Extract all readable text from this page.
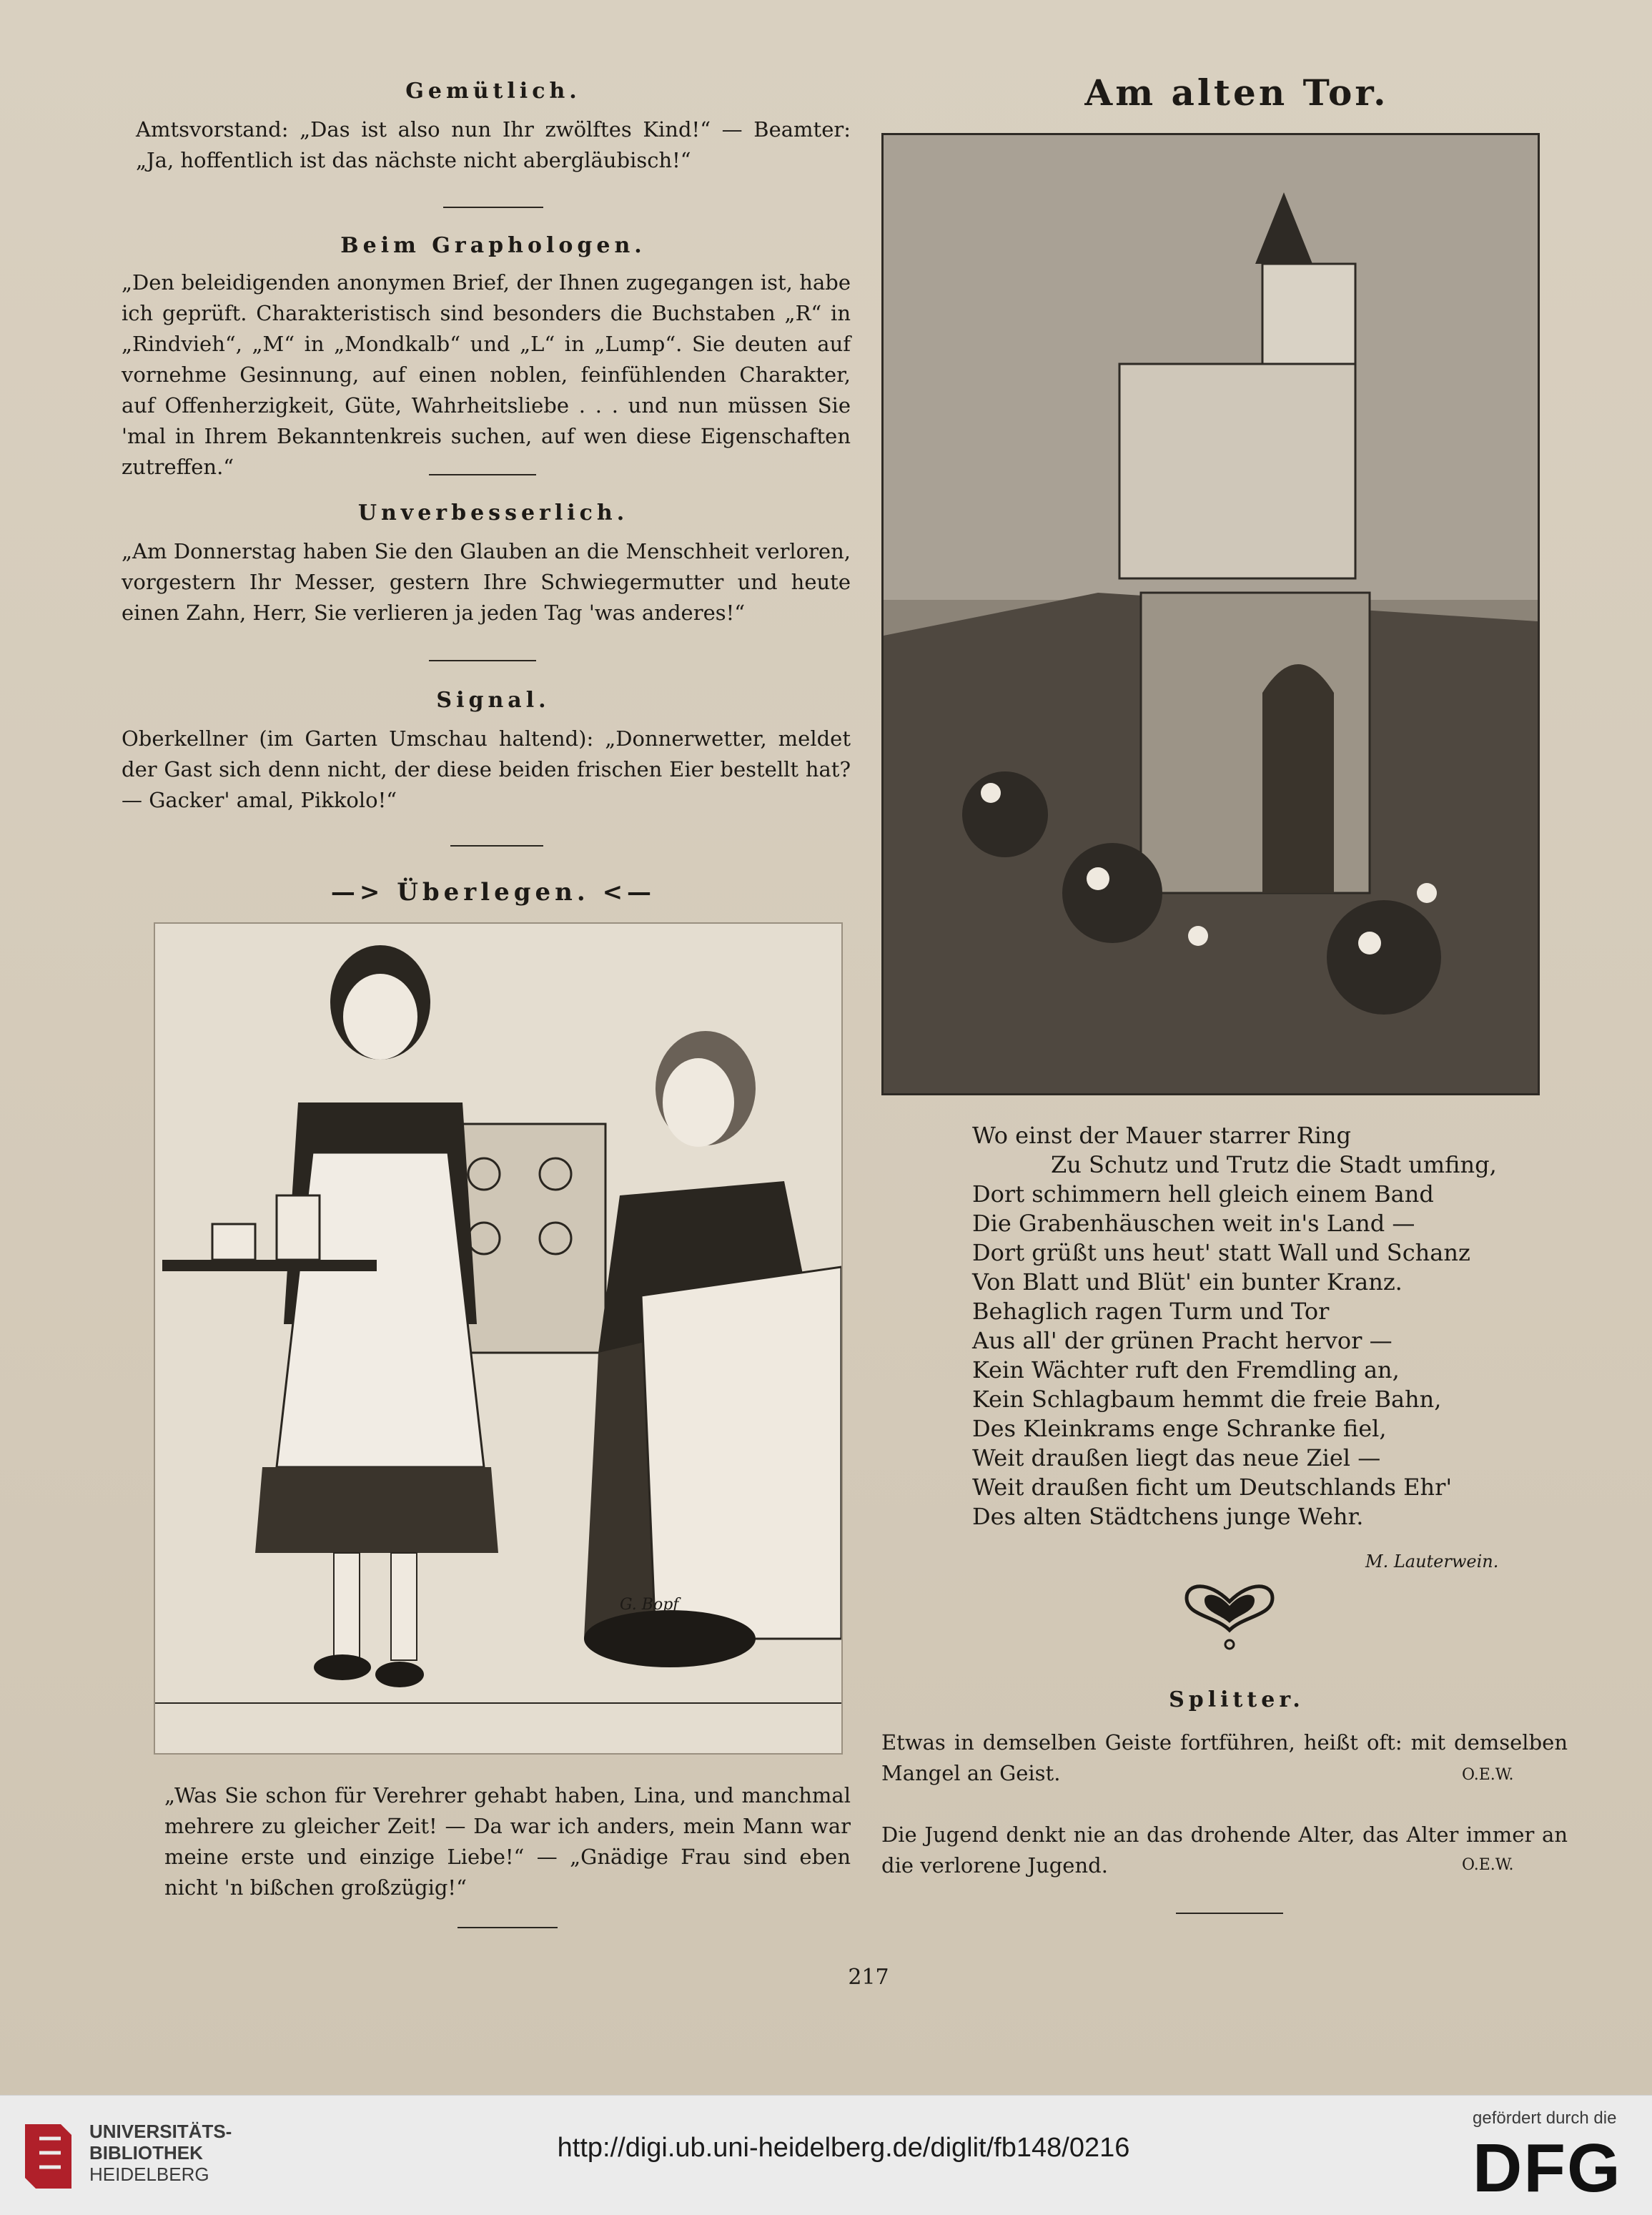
Gemütlich.
Amtsvorstand: „Das ist also nun Ihr zwölftes Kind!“ — Beamter: „Ja, hoffentlich ist das nächste nicht abergläubisch!“
Beim Graphologen.
„Den beleidigenden anonymen Brief, der Ihnen zugegangen ist, habe ich geprüft. Charakteristisch sind besonders die Buchstaben „R“ in „Rindvieh“, „M“ in „Mondkalb“ und „L“ in „Lump“. Sie deuten auf vornehme Gesinnung, auf einen noblen, feinfühlenden Charakter, auf Offenherzigkeit, Güte, Wahrheitsliebe . . . und nun müssen Sie 'mal in Ihrem Bekanntenkreis suchen, auf wen diese Eigenschaften zutreffen.“
Unverbesserlich.
„Am Donnerstag haben Sie den Glauben an die Menschheit verloren, vorgestern Ihr Messer, gestern Ihre Schwiegermutter und heute einen Zahn, Herr, Sie verlieren ja jeden Tag 'was anderes!“
Signal.
Oberkellner (im Garten Umschau haltend): „Donnerwetter, meldet der Gast sich denn nicht, der diese beiden frischen Eier bestellt hat? — Gacker' amal, Pikkolo!“
—> Überlegen. <—
G. Bopf
„Was Sie schon für Verehrer gehabt haben, Lina, und manchmal mehrere zu gleicher Zeit! — Da war ich anders, mein Mann war meine erste und einzige Liebe!“ — „Gnädige Frau sind eben nicht 'n bißchen großzügig!“
Am alten Tor.
Wo einst der Mauer starrer Ring
Zu Schutz und Trutz die Stadt umfing,
Dort schimmern hell gleich einem Band
Die Grabenhäuschen weit in's Land —
Dort grüßt uns heut' statt Wall und Schanz
Von Blatt und Blüt' ein bunter Kranz.
Behaglich ragen Turm und Tor
Aus all' der grünen Pracht hervor —
Kein Wächter ruft den Fremdling an,
Kein Schlagbaum hemmt die freie Bahn,
Des Kleinkrams enge Schranke fiel,
Weit draußen liegt das neue Ziel —
Weit draußen ficht um Deutschlands Ehr'
Des alten Städtchens junge Wehr.
M. Lauterwein.
Splitter.
Etwas in demselben Geiste fortführen, heißt oft: mit demselben Mangel an Geist.	O.E.W.
Die Jugend denkt nie an das drohende Alter, das Alter immer an die verlorene Jugend.	O.E.W.
217
UNIVERSITÄTS-
BIBLIOTHEK
HEIDELBERG
http://digi.ub.uni-heidelberg.de/diglit/fb148/0216
gefördert durch die
DFG
